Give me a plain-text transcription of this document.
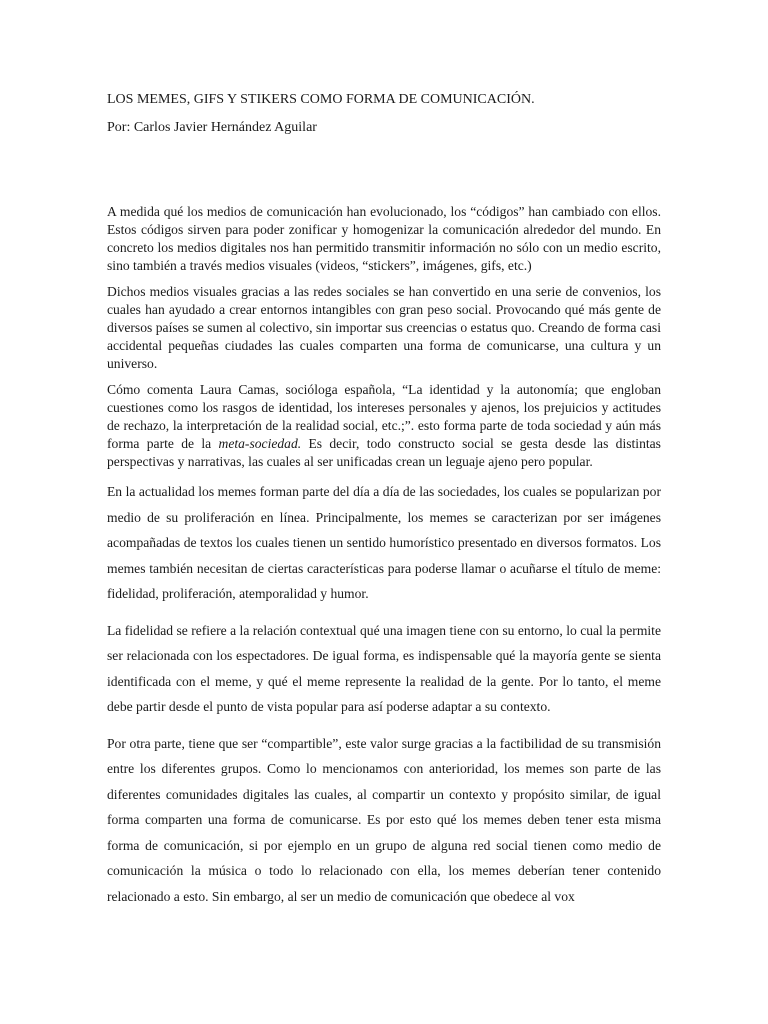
LOS MEMES, GIFS Y STIKERS COMO FORMA DE COMUNICACIÓN.

Por: Carlos Javier Hernández Aguilar

A medida qué los medios de comunicación han evolucionado, los “códigos” han cambiado con ellos. Estos códigos sirven para poder zonificar y homogenizar la comunicación alrededor del mundo. En concreto los medios digitales nos han permitido transmitir información no sólo con un medio escrito, sino también a través medios visuales (videos, “stickers”, imágenes, gifs, etc.)

Dichos medios visuales gracias a las redes sociales se han convertido en una serie de convenios, los cuales han ayudado a crear entornos intangibles con gran peso social. Provocando qué más gente de diversos países se sumen al colectivo, sin importar sus creencias o estatus quo. Creando de forma casi accidental pequeñas ciudades las cuales comparten una forma de comunicarse, una cultura y un universo.

Cómo comenta Laura Camas, socióloga española, “La identidad y la autonomía; que engloban cuestiones como los rasgos de identidad, los intereses personales y ajenos, los prejuicios y actitudes de rechazo, la interpretación de la realidad social, etc.;”. esto forma parte de toda sociedad y aún más forma parte de la meta-sociedad. Es decir, todo constructo social se gesta desde las distintas perspectivas y narrativas, las cuales al ser unificadas crean un leguaje ajeno pero popular.

En la actualidad los memes forman parte del día a día de las sociedades, los cuales se popularizan por medio de su proliferación en línea. Principalmente, los memes se caracterizan por ser imágenes acompañadas de textos los cuales tienen un sentido humorístico presentado en diversos formatos. Los memes también necesitan de ciertas características para poderse llamar o acuñarse el título de meme: fidelidad, proliferación, atemporalidad y humor.

La fidelidad se refiere a la relación contextual qué una imagen tiene con su entorno, lo cual la permite ser relacionada con los espectadores. De igual forma, es indispensable qué la mayoría gente se sienta identificada con el meme, y qué el meme represente la realidad de la gente. Por lo tanto, el meme debe partir desde el punto de vista popular para así poderse adaptar a su contexto.

Por otra parte, tiene que ser “compartible”, este valor surge gracias a la factibilidad de su transmisión entre los diferentes grupos. Como lo mencionamos con anterioridad, los memes son parte de las diferentes comunidades digitales las cuales, al compartir un contexto y propósito similar, de igual forma comparten una forma de comunicarse. Es por esto qué los memes deben tener esta misma forma de comunicación, si por ejemplo en un grupo de alguna red social tienen como medio de comunicación la música o todo lo relacionado con ella, los memes deberían tener contenido relacionado a esto. Sin embargo, al ser un medio de comunicación que obedece al vox
